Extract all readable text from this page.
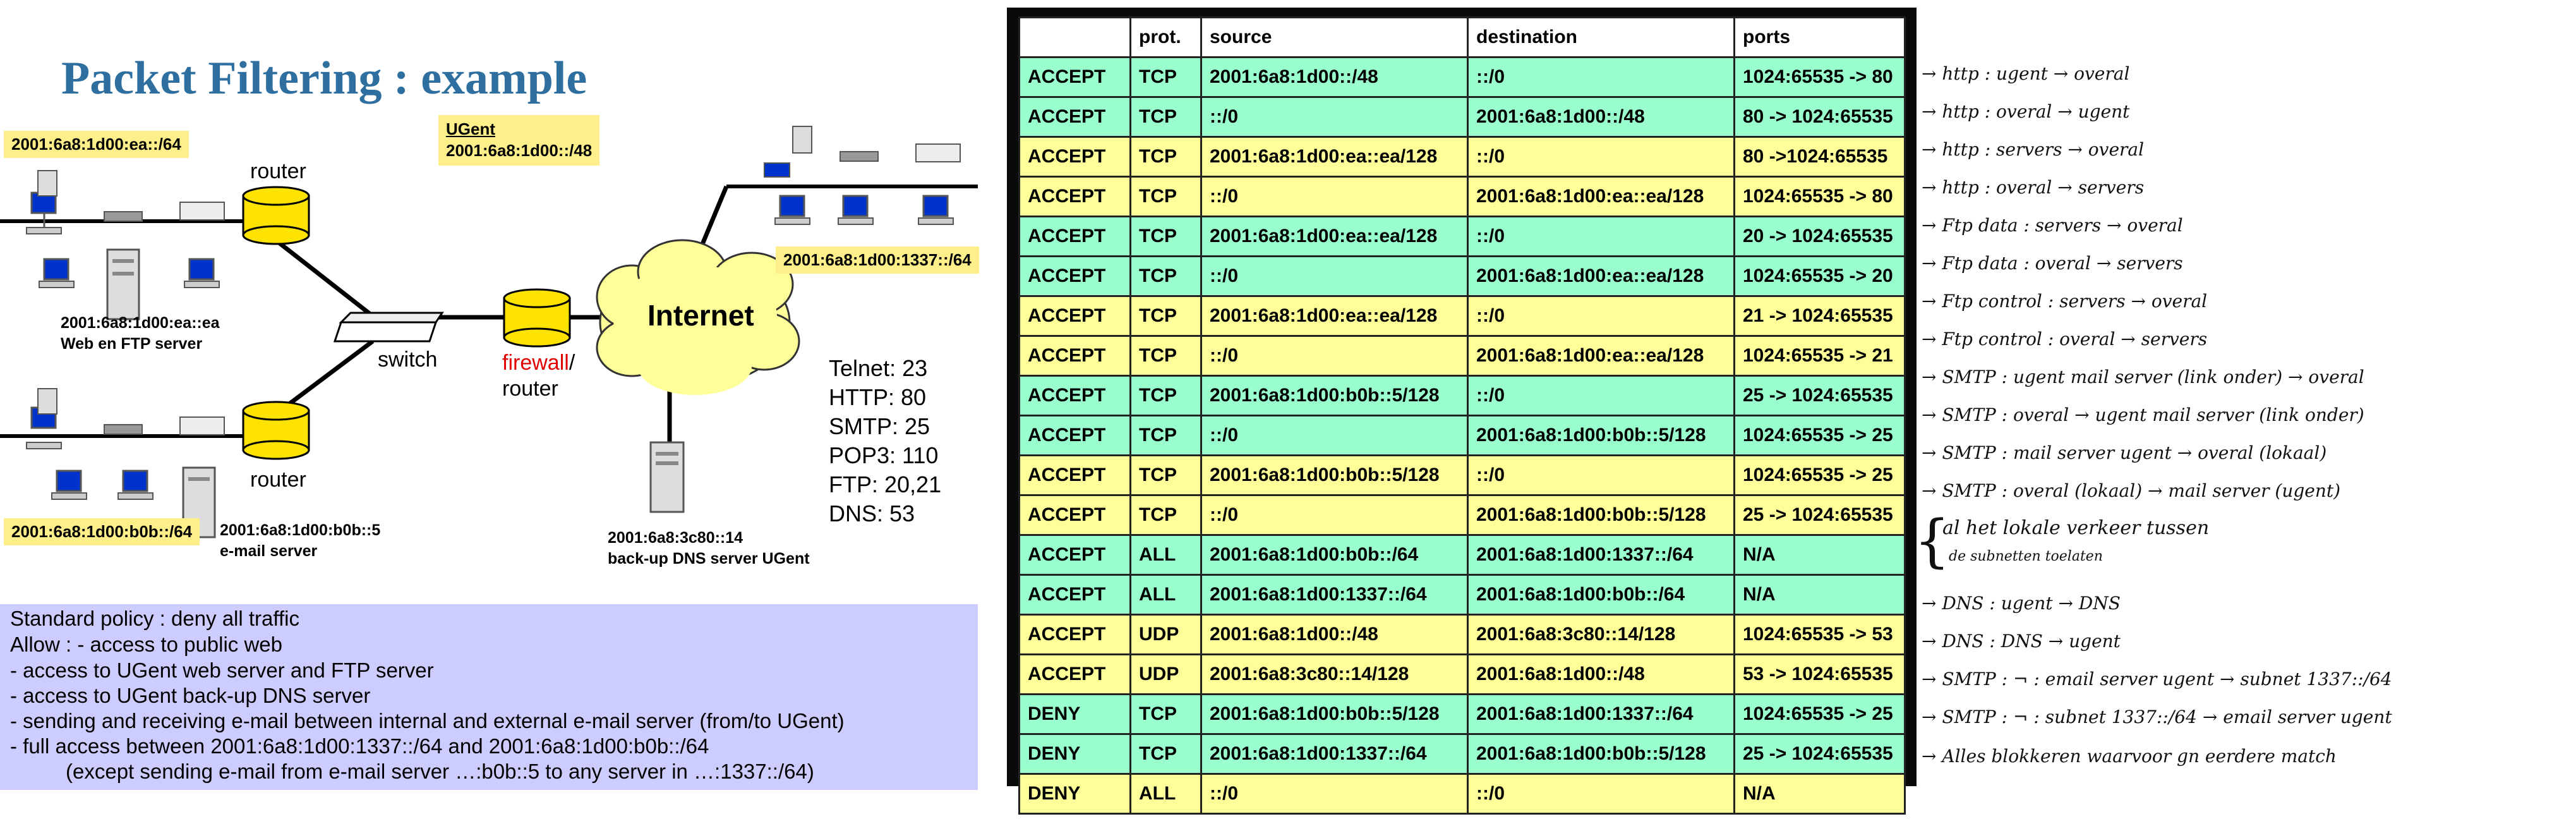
Packet Filtering : example
2001:6a8:1d00:ea::/64
UGent
2001:6a8:1d00::/48
2001:6a8:1d00:1337::/64
2001:6a8:1d00:b0b::/64
router
router
switch	firewall/
router
Internet
2001:6a8:1d00:ea::ea
Web en FTP server
2001:6a8:1d00:b0b::5
e-mail server
2001:6a8:3c80::14
back-up DNS server UGent
Telnet: 23
HTTP: 80
SMTP: 25
POP3: 110
FTP: 20,21
DNS: 53
Standard policy : deny all traffic
Allow : - access to public web
- access to UGent web server and FTP server
- access to UGent back-up DNS server
- sending and receiving e-mail between internal and external e-mail server (from/to UGent)
- full access between 2001:6a8:1d00:1337::/64 and 2001:6a8:1d00:b0b::/64
(except sending e-mail from e-mail server …:b0b::5 to any server in …:1337::/64)
	prot.	source	destination	ports
ACCEPT	TCP	2001:6a8:1d00::/48	::/0	1024:65535 -> 80
ACCEPT	TCP	::/0	2001:6a8:1d00::/48	80 -> 1024:65535
ACCEPT	TCP	2001:6a8:1d00:ea::ea/128	::/0	80 ->1024:65535
ACCEPT	TCP	::/0	2001:6a8:1d00:ea::ea/128	1024:65535 -> 80
ACCEPT	TCP	2001:6a8:1d00:ea::ea/128	::/0	20 -> 1024:65535
ACCEPT	TCP	::/0	2001:6a8:1d00:ea::ea/128	1024:65535 -> 20
ACCEPT	TCP	2001:6a8:1d00:ea::ea/128	::/0	21 -> 1024:65535
ACCEPT	TCP	::/0	2001:6a8:1d00:ea::ea/128	1024:65535 -> 21
ACCEPT	TCP	2001:6a8:1d00:b0b::5/128	::/0	25 -> 1024:65535
ACCEPT	TCP	::/0	2001:6a8:1d00:b0b::5/128	1024:65535 -> 25
ACCEPT	TCP	2001:6a8:1d00:b0b::5/128	::/0	1024:65535 -> 25
ACCEPT	TCP	::/0	2001:6a8:1d00:b0b::5/128	25 -> 1024:65535
ACCEPT	ALL	2001:6a8:1d00:b0b::/64	2001:6a8:1d00:1337::/64	N/A
ACCEPT	ALL	2001:6a8:1d00:1337::/64	2001:6a8:1d00:b0b::/64	N/A
ACCEPT	UDP	2001:6a8:1d00::/48	2001:6a8:3c80::14/128	1024:65535 -> 53
ACCEPT	UDP	2001:6a8:3c80::14/128	2001:6a8:1d00::/48	53 -> 1024:65535
DENY	TCP	2001:6a8:1d00:b0b::5/128	2001:6a8:1d00:1337::/64	1024:65535 -> 25
DENY	TCP	2001:6a8:1d00:1337::/64	2001:6a8:1d00:b0b::5/128	25 -> 1024:65535
DENY	ALL	::/0	::/0	N/A
→ http : ugent → overal
→ http : overal → ugent
→ http : servers → overal
→ http : overal → servers
→ Ftp data : servers → overal
→ Ftp data : overal → servers
→ Ftp control : servers → overal
→ Ftp control : overal → servers
→ SMTP : ugent mail server (link onder) → overal
→ SMTP : overal → ugent mail server (link onder)
→ SMTP : mail server ugent → overal (lokaal)
→ SMTP : overal (lokaal) → mail server (ugent)
al het lokale verkeer tussen
de subnetten toelaten
→ DNS : ugent → DNS
→ DNS : DNS → ugent
→ SMTP : ¬ : email server ugent → subnet 1337::/64
→ SMTP : ¬ : subnet 1337::/64 → email server ugent
→ Alles blokkeren waarvoor gn eerdere match
{
